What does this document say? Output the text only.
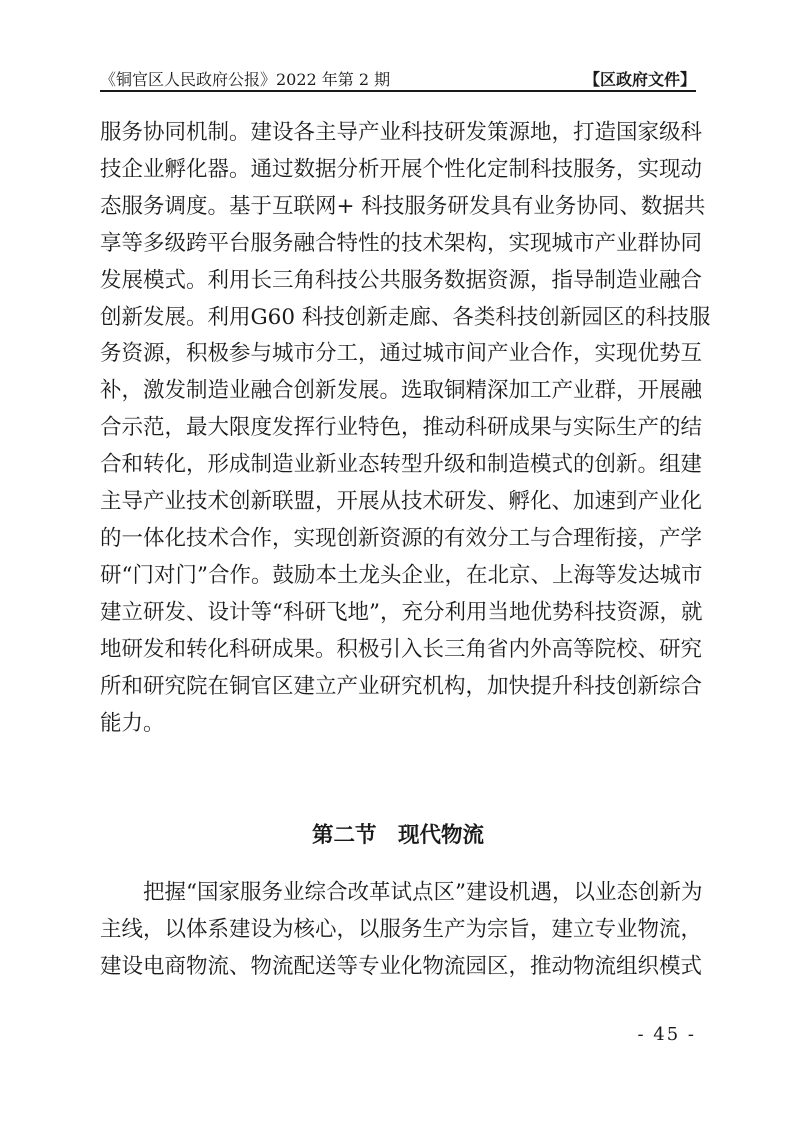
《铜官区人民政府公报》2022 年第 2 期	【区政府文件】

服务协同机制。建设各主导产业科技研发策源地，打造国家级科
技企业孵化器。通过数据分析开展个性化定制科技服务，实现动
态服务调度。基于互联网+ 科技服务研发具有业务协同、数据共
享等多级跨平台服务融合特性的技术架构，实现城市产业群协同
发展模式。利用长三角科技公共服务数据资源，指导制造业融合
创新发展。利用G60 科技创新走廊、各类科技创新园区的科技服
务资源，积极参与城市分工，通过城市间产业合作，实现优势互
补，激发制造业融合创新发展。选取铜精深加工产业群，开展融
合示范，最大限度发挥行业特色，推动科研成果与实际生产的结
合和转化，形成制造业新业态转型升级和制造模式的创新。组建
主导产业技术创新联盟，开展从技术研发、孵化、加速到产业化
的一体化技术合作，实现创新资源的有效分工与合理衔接，产学
研“门对门”合作。鼓励本土龙头企业，在北京、上海等发达城市
建立研发、设计等“科研飞地”，充分利用当地优势科技资源，就
地研发和转化科研成果。积极引入长三角省内外高等院校、研究
所和研究院在铜官区建立产业研究机构，加快提升科技创新综合
能力。

第二节　现代物流
　　把握“国家服务业综合改革试点区”建设机遇，以业态创新为
主线，以体系建设为核心，以服务生产为宗旨，建立专业物流，
建设电商物流、物流配送等专业化物流园区，推动物流组织模式
- 45 -
